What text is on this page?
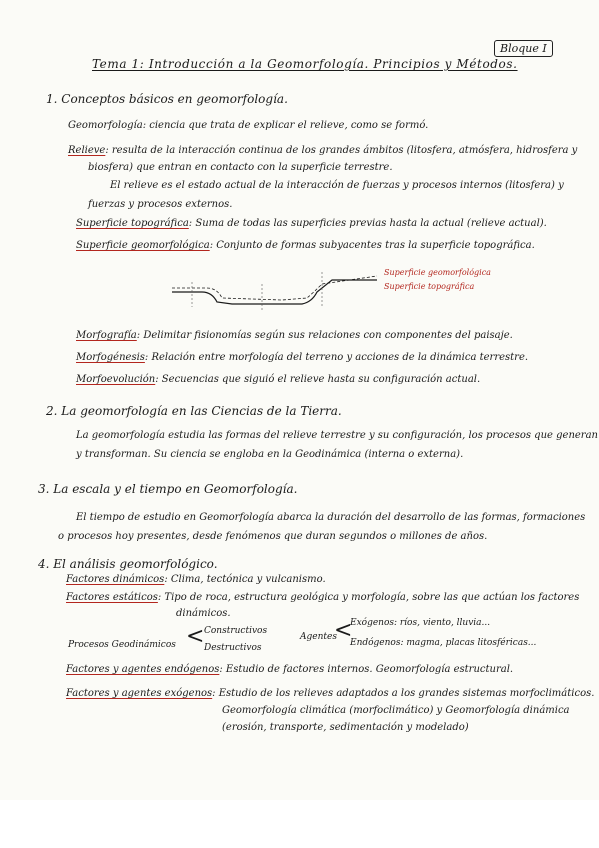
Bloque I
Tema 1: Introducción a la Geomorfología. Principios y Métodos.
1. Conceptos básicos en geomorfología.
Geomorfología: ciencia que trata de explicar el relieve, como se formó.
Relieve: resulta de la interacción continua de los grandes ámbitos (litosfera, atmósfera, hidrosfera y
biosfera) que entran en contacto con la superficie terrestre.
El relieve es el estado actual de la interacción de fuerzas y procesos internos (litosfera) y
fuerzas y procesos externos.
Superficie topográfica: Suma de todas las superficies previas hasta la actual (relieve actual).
Superficie geomorfológica: Conjunto de formas subyacentes tras la superficie topográfica.
Superficie geomorfológica
Superficie topográfica
Morfografía: Delimitar fisionomías según sus relaciones con componentes del paisaje.
Morfogénesis: Relación entre morfología del terreno y acciones de la dinámica terrestre.
Morfoevolución: Secuencias que siguió el relieve hasta su configuración actual.
2. La geomorfología en las Ciencias de la Tierra.
La geomorfología estudia las formas del relieve terrestre y su configuración, los procesos que generan
y transforman. Su ciencia se engloba en la Geodinámica (interna o externa).
3. La escala y el tiempo en Geomorfología.
El tiempo de estudio en Geomorfología abarca la duración del desarrollo de las formas, formaciones
o procesos hoy presentes, desde fenómenos que duran segundos o millones de años.
4. El análisis geomorfológico.
Factores dinámicos: Clima, tectónica y vulcanismo.
Factores estáticos: Tipo de roca, estructura geológica y morfología, sobre las que actúan los factores
dinámicos.
Procesos Geodinámicos < Constructivos
Destructivos
Agentes
<
Exógenos: ríos, viento, lluvia...
Endógenos: magma, placas litosféricas...
Factores y agentes endógenos: Estudio de factores internos. Geomorfología estructural.
Factores y agentes exógenos: Estudio de los relieves adaptados a los grandes sistemas morfoclimáticos.
Geomorfología climática (morfoclimático) y Geomorfología dinámica
(erosión, transporte, sedimentación y modelado)
